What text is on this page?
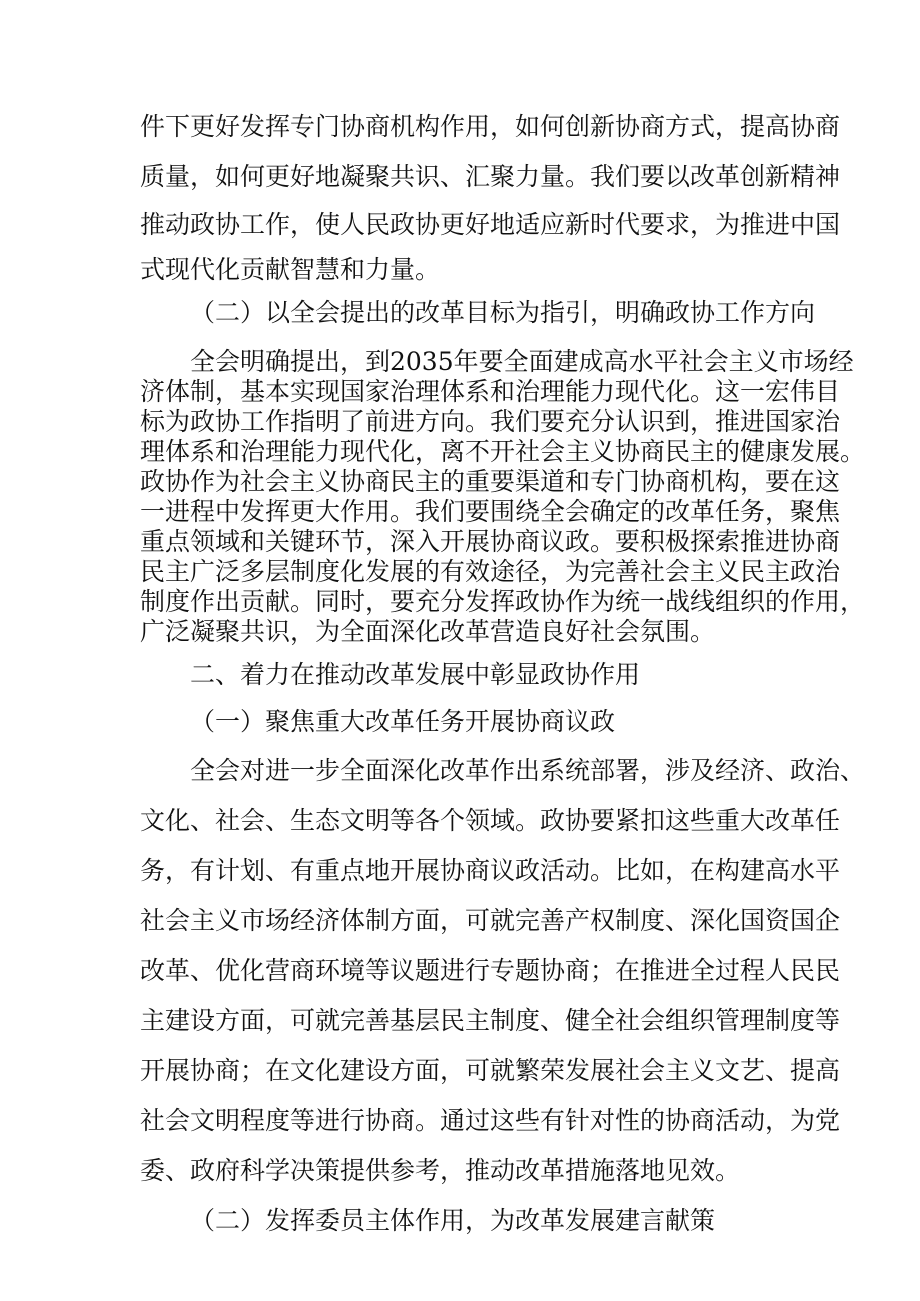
件下更好发挥专门协商机构作用，如何创新协商方式，提高协商

质量，如何更好地凝聚共识、汇聚力量。我们要以改革创新精神

推动政协工作，使人民政协更好地适应新时代要求，为推进中国

式现代化贡献智慧和力量。

（二）以全会提出的改革目标为指引，明确政协工作方向

全会明确提出，到2035年要全面建成高水平社会主义市场经

济体制，基本实现国家治理体系和治理能力现代化。这一宏伟目

标为政协工作指明了前进方向。我们要充分认识到，推进国家治

理体系和治理能力现代化，离不开社会主义协商民主的健康发展。

政协作为社会主义协商民主的重要渠道和专门协商机构，要在这

一进程中发挥更大作用。我们要围绕全会确定的改革任务，聚焦

重点领域和关键环节，深入开展协商议政。要积极探索推进协商

民主广泛多层制度化发展的有效途径，为完善社会主义民主政治

制度作出贡献。同时，要充分发挥政协作为统一战线组织的作用，

广泛凝聚共识，为全面深化改革营造良好社会氛围。

二、着力在推动改革发展中彰显政协作用

（一）聚焦重大改革任务开展协商议政

全会对进一步全面深化改革作出系统部署，涉及经济、政治、

文化、社会、生态文明等各个领域。政协要紧扣这些重大改革任

务，有计划、有重点地开展协商议政活动。比如，在构建高水平

社会主义市场经济体制方面，可就完善产权制度、深化国资国企

改革、优化营商环境等议题进行专题协商；在推进全过程人民民

主建设方面，可就完善基层民主制度、健全社会组织管理制度等

开展协商；在文化建设方面，可就繁荣发展社会主义文艺、提高

社会文明程度等进行协商。通过这些有针对性的协商活动，为党

委、政府科学决策提供参考，推动改革措施落地见效。

（二）发挥委员主体作用，为改革发展建言献策
